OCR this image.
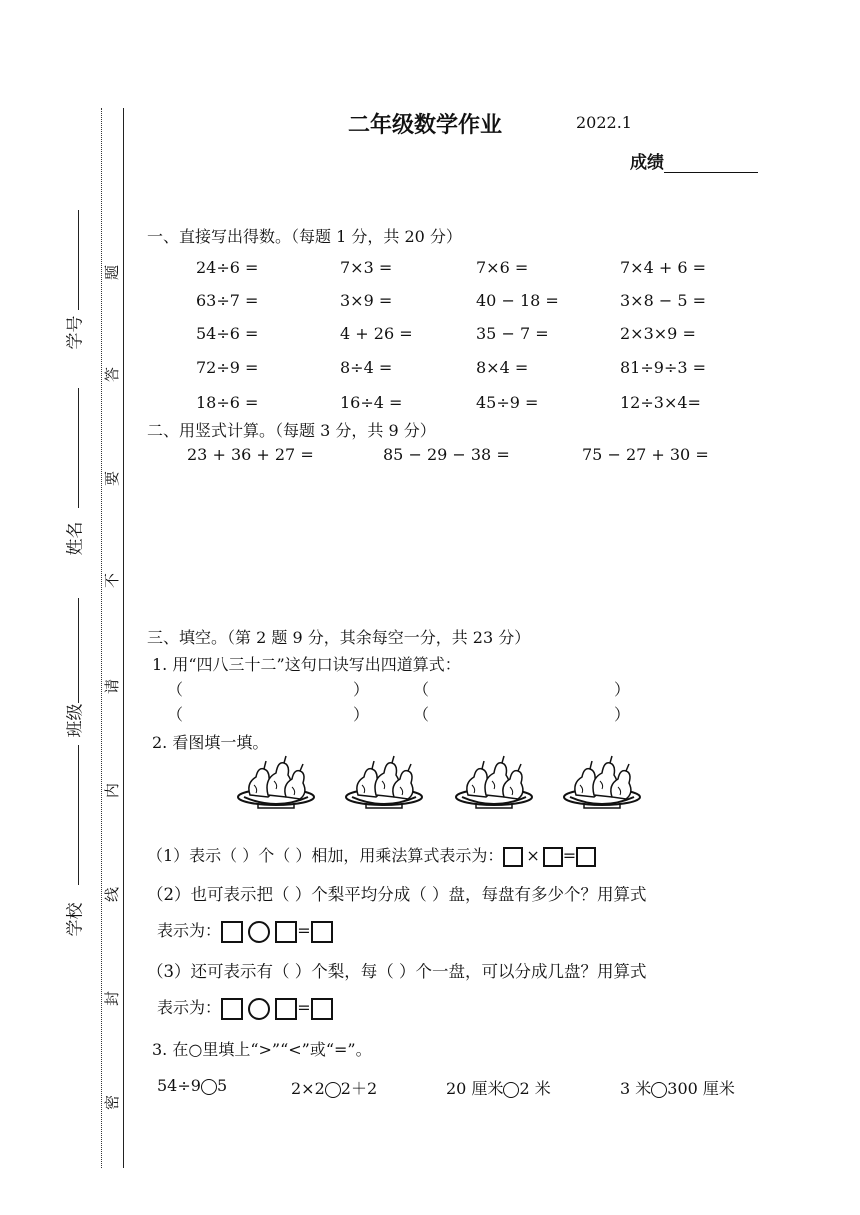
学号
姓名
班级
学校
题
答
要
不
请
内
线
封
密
二年级数学作业	2022.1
成绩
一、直接写出得数。（每题 1 分，共 20 分）
24÷6 =	7×3 =	7×6 =	7×4 + 6 =
63÷7 =	3×9 =	40 − 18 =	3×8 − 5 =
54÷6 =	4 + 26 =	35 − 7 =	2×3×9 =
72÷9 =	8÷4 =	8×4 =	81÷9÷3 =
18÷6 =	16÷4 =	45÷9 =	12÷3×4=
二、用竖式计算。（每题 3 分，共 9 分）
23 + 36 + 27 =	85 − 29 − 38 =	75 − 27 + 30 =
三、填空。（第 2 题 9 分，其余每空一分，共 23 分）
1. 用“四八三十二”这句口诀写出四道算式：
（	）	（	）
（	）	（	）
2. 看图填一填。
（1）表示（ ）个（ ）相加，用乘法算式表示为： × =
（2）也可表示把（ ）个梨平均分成（ ）盘，每盘有多少个？用算式
表示为：	=
（3）还可表示有（ ）个梨，每（ ）个一盘，可以分成几盘？用算式
表示为：	=
3. 在○里填上“>”“<”或“=”。
54÷9 5	2×2 2＋2	20 厘米 2 米	3 米 300 厘米
